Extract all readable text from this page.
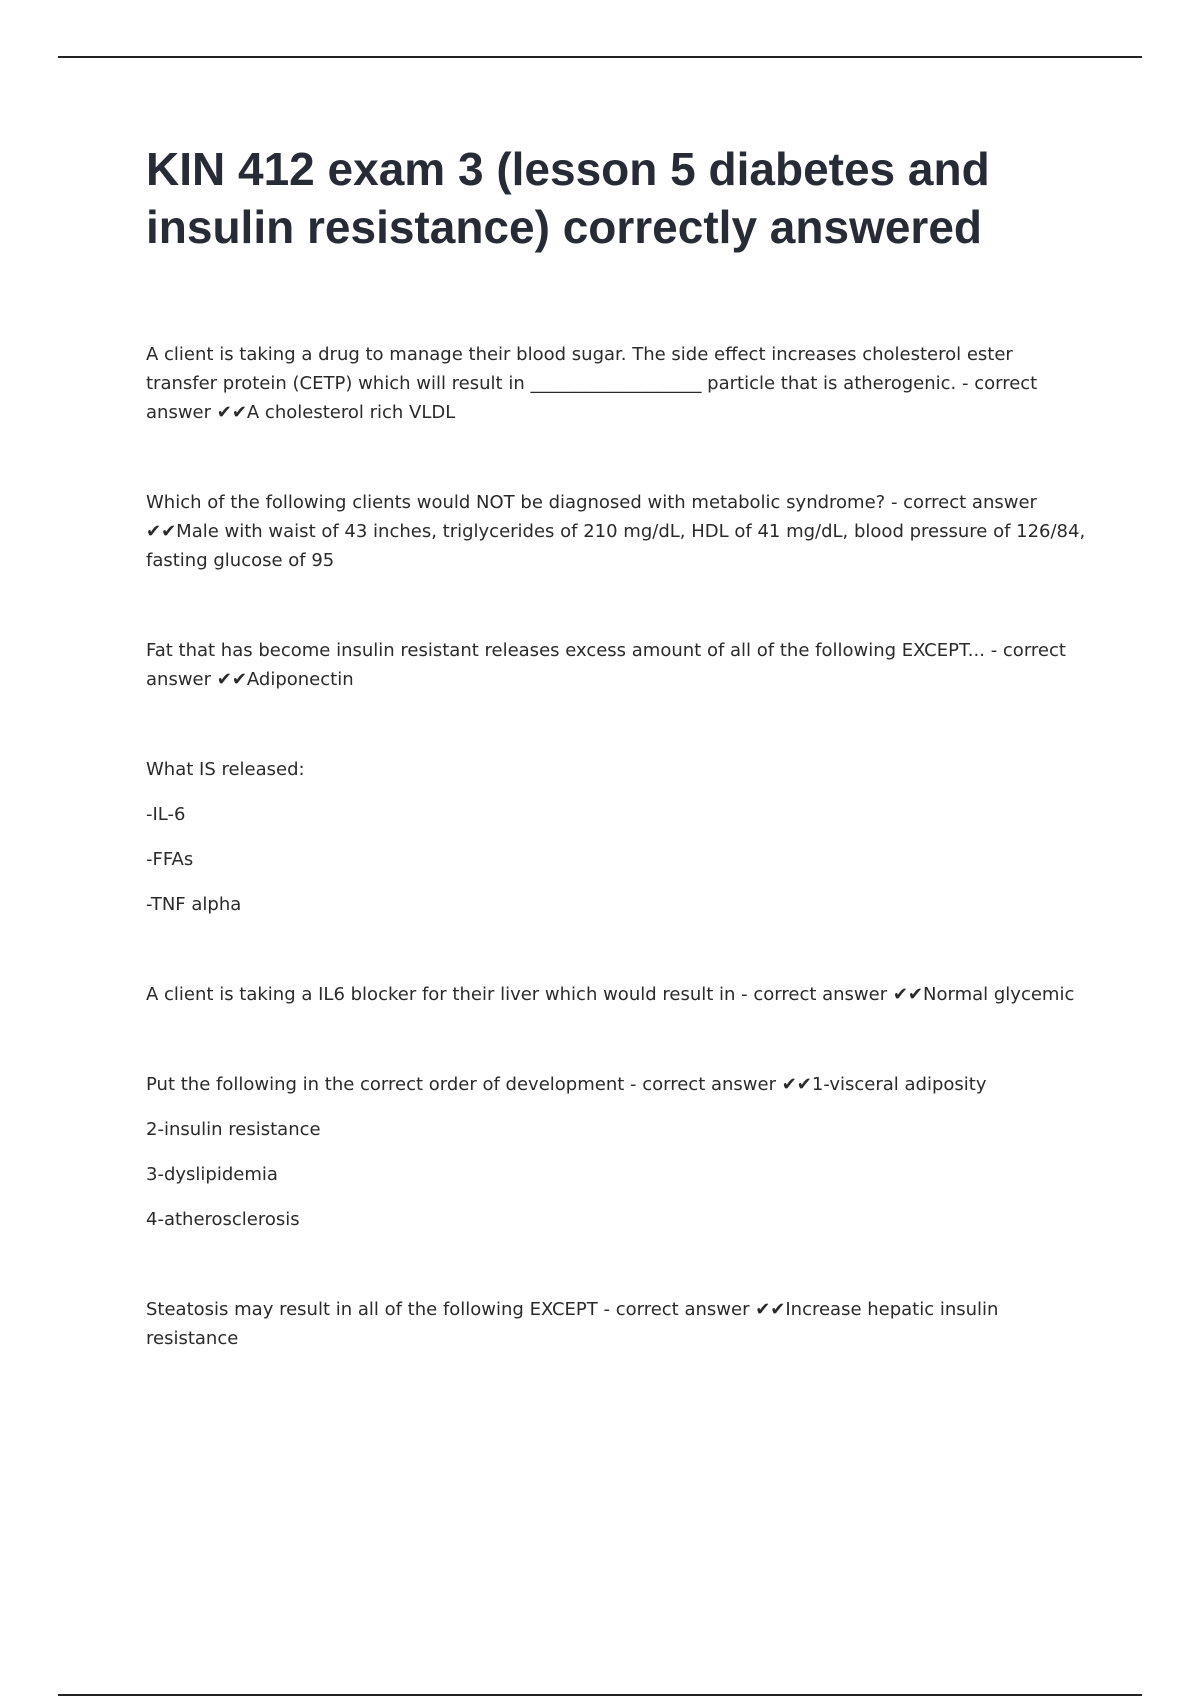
KIN 412 exam 3 (lesson 5 diabetes and insulin resistance) correctly answered

A client is taking a drug to manage their blood sugar. The side effect increases cholesterol ester transfer protein (CETP) which will result in ___________________ particle that is atherogenic. - correct answer ✔✔A cholesterol rich VLDL

Which of the following clients would NOT be diagnosed with metabolic syndrome? - correct answer ✔✔Male with waist of 43 inches, triglycerides of 210 mg/dL, HDL of 41 mg/dL, blood pressure of 126/84, fasting glucose of 95

Fat that has become insulin resistant releases excess amount of all of the following EXCEPT... - correct answer ✔✔Adiponectin

What IS released:

-IL-6

-FFAs

-TNF alpha

A client is taking a IL6 blocker for their liver which would result in - correct answer ✔✔Normal glycemic

Put the following in the correct order of development - correct answer ✔✔1-visceral adiposity

2-insulin resistance

3-dyslipidemia

4-atherosclerosis

Steatosis may result in all of the following EXCEPT - correct answer ✔✔Increase hepatic insulin resistance
